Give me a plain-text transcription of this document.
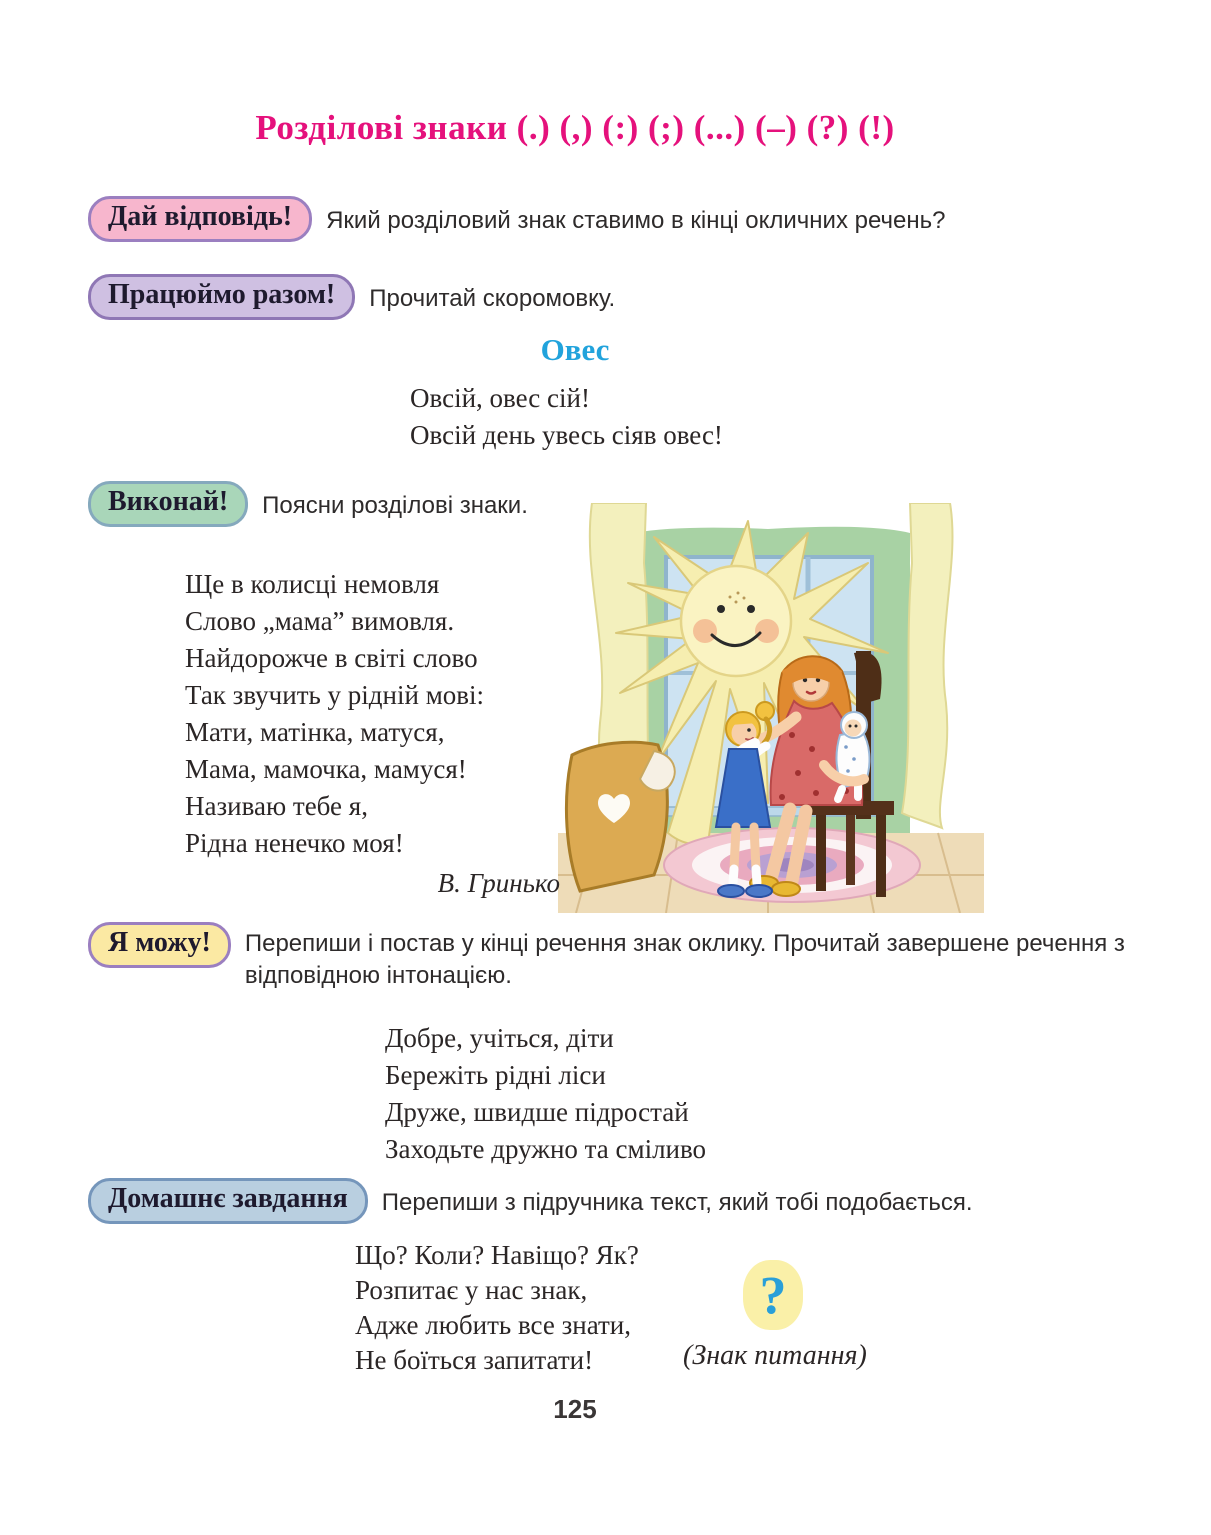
Розділові знаки (.) (,) (:) (;) (...) (–) (?) (!)
Дай відповідь!	Який розділовий знак ставимо в кінці окличних речень?
Працюймо разом!	Прочитай скоромовку.
Овес
Овсій, овес сій!
Овсій день увесь сіяв овес!
Виконай!	Поясни розділові знаки.
Ще в колисці немовля
Слово „мама” вимовля.
Найдорожче в світі слово
Так звучить у рідній мові:
Мати, матінка, матуся,
Мама, мамочка, мамуся!
Називаю тебе я,
Рідна ненечко моя!
В. Гринько
Я можу!	Перепиши і постав у кінці речення знак оклику. Прочитай завершене речення з відповідною інтонацією.
Добре, учіться, діти
Бережіть рідні ліси
Друже, швидше підростай
Заходьте дружно та сміливо
Домашнє завдання	Перепиши з підручника текст, який тобі подобається.
Що? Коли? Навіщо? Як?
Розпитає у нас знак,
Адже любить все знати,
Не боїться запитати!
?
(Знак питання)
125
